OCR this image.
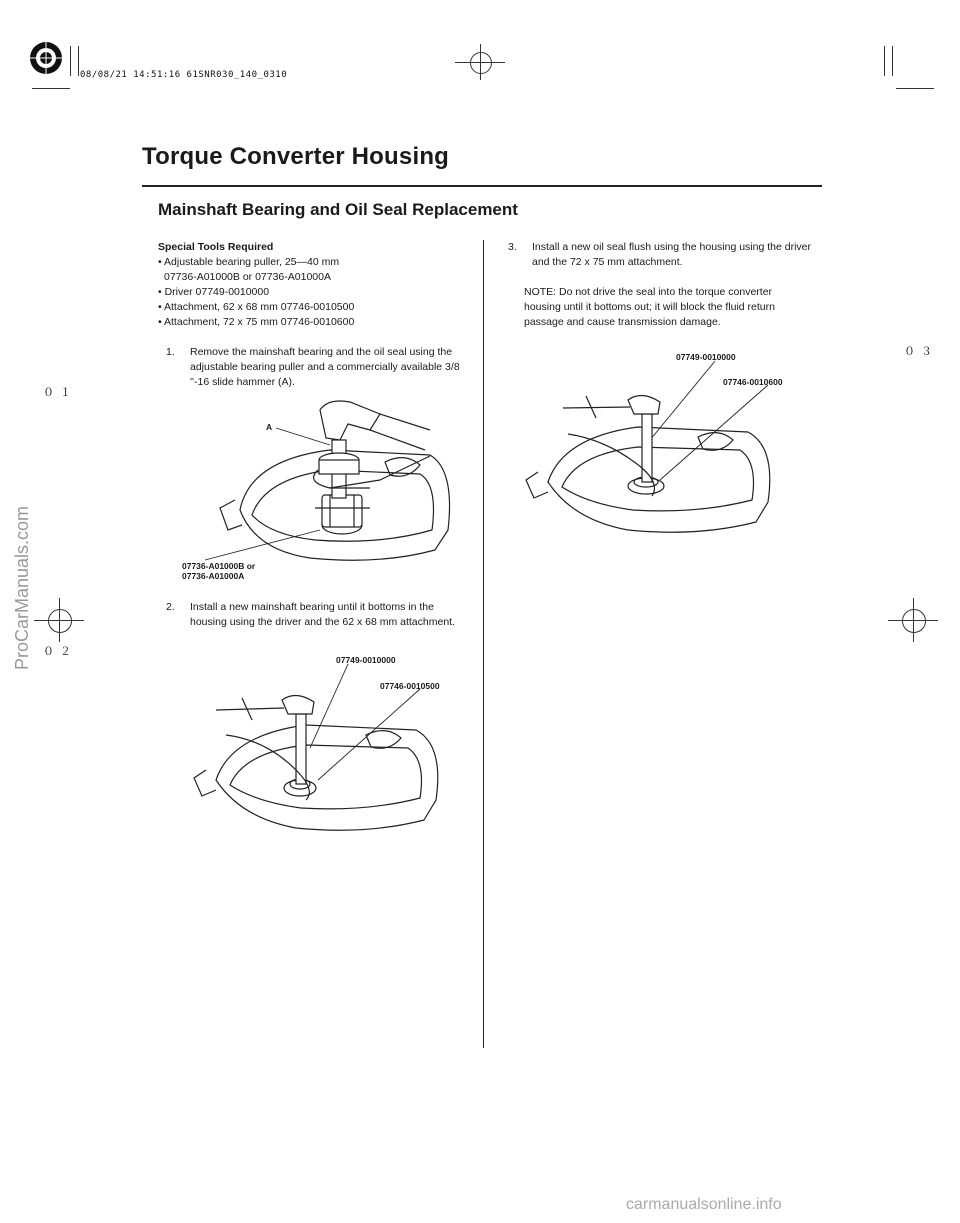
08/08/21 14:51:16 61SNR030_140_0310
Torque Converter Housing
Mainshaft Bearing and Oil Seal Replacement

Special Tools Required

• Adjustable bearing puller, 25—40 mm

07736-A01000B or 07736-A01000A

• Driver 07749-0010000

• Attachment, 62 x 68 mm 07746-0010500

• Attachment, 72 x 75 mm 07746-0010600

1. Remove the mainshaft bearing and the oil seal using the adjustable bearing puller and a commercially available 3/8 ''-16 slide hammer (A).
2. Install a new mainshaft bearing until it bottoms in the housing using the driver and the 62 x 68 mm attachment.
3. Install a new oil seal flush using the housing using the driver and the 72 x 75 mm attachment.

NOTE: Do not drive the seal into the torque converter housing until it bottoms out; it will block the fluid return passage and cause transmission damage.

A
07736-A01000B or
07736-A01000A
07749-0010000
07746-0010500
07749-0010000
07746-0010600
０１
０２
０３
ProCarManuals.com
carmanualsonline.info
